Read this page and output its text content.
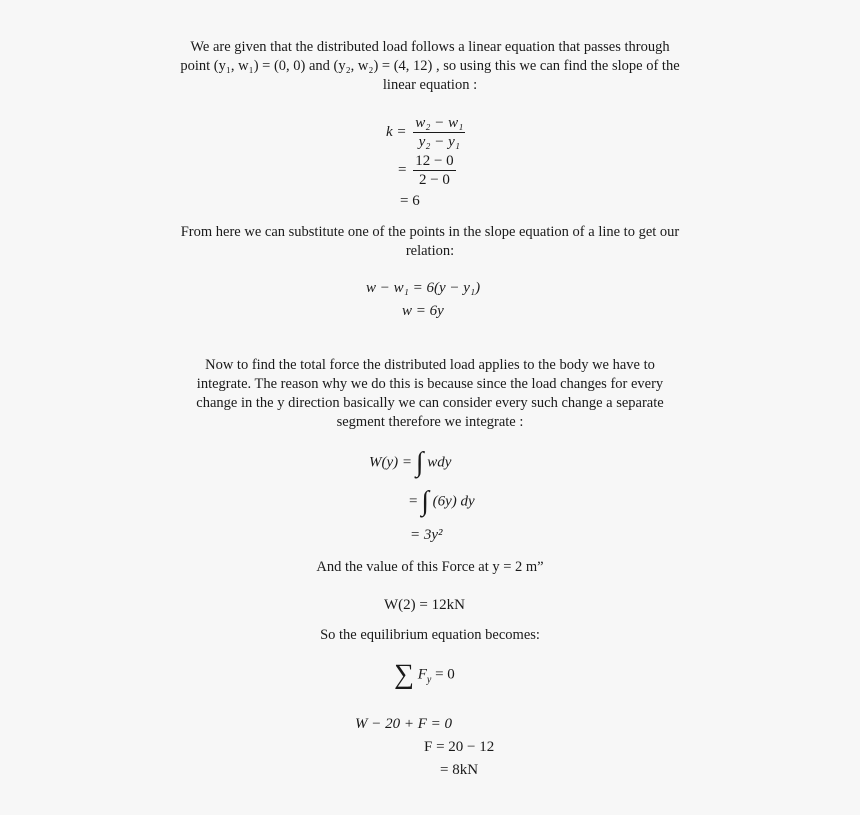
We are given that the distributed load follows a linear equation that passes through point (y₁, w₁) = (0, 0) and (y₂, w₂) = (4, 12) , so using this we can find the slope of the linear equation :
$k = \frac{\text{w₂ − w₁}}{\text{y₂ − y₁}}$
= $\frac{12 - 0}{2 - 0}$
= 6
From here we can substitute one of the points in the slope equation of a line to get our relation:
w − w₁ = 6(y − y₁)
w = 6y
Now to find the total force the distributed load applies to the body we have to integrate. The reason why we do this is because since the load changes for every change in the y direction basically we can consider every such change a separate segment therefore we integrate :
W(y) = ∫ wdy
= ∫ (6y) dy
= 3y²
And the value of this Force at y = 2 m”
W(2) = 12kN
So the equilibrium equation becomes:
∑ $F_y = 0$
W − 20 + F = 0
F = 20 − 12
= 8kN
